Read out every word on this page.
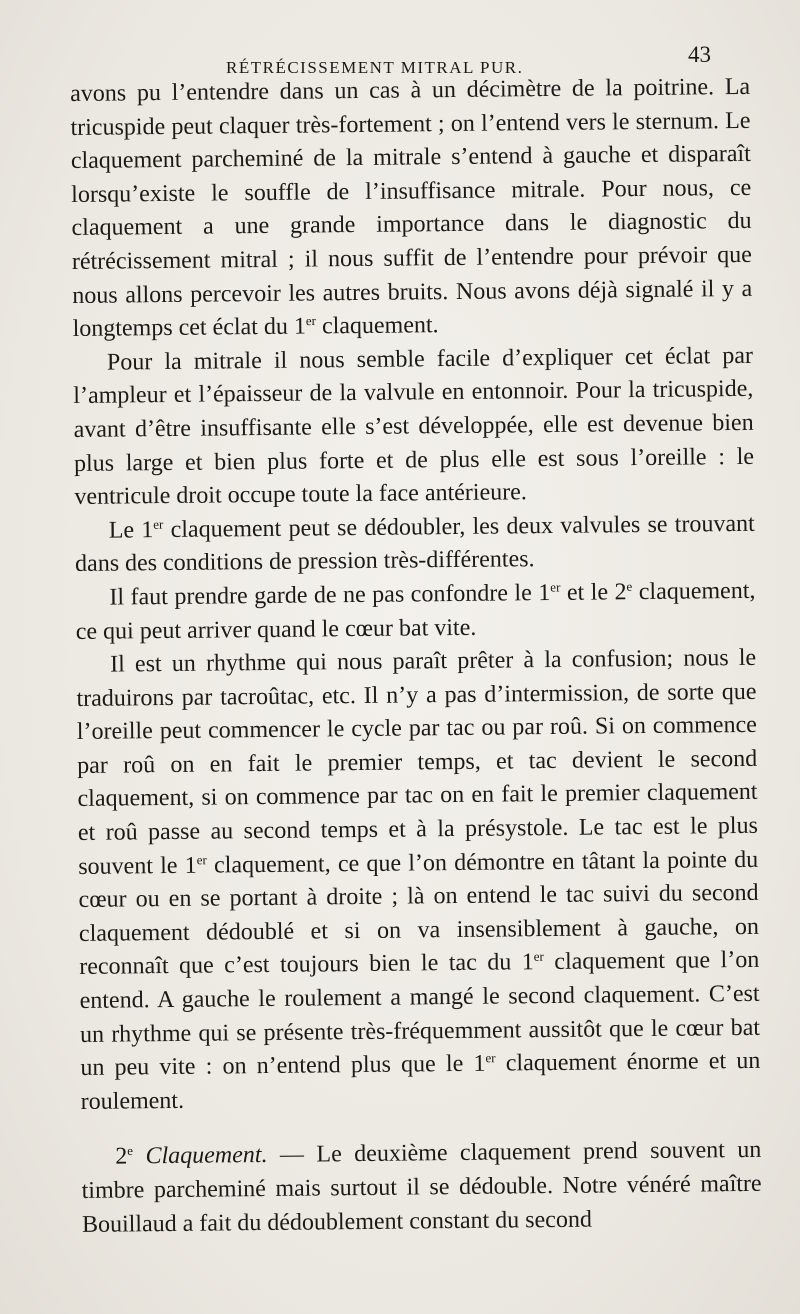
RÉTRÉCISSEMENT MITRAL PUR.
43

avons pu l’entendre dans un cas à un décimètre de la poitrine. La tricuspide peut claquer très-fortement ; on l’entend vers le sternum. Le claquement parcheminé de la mitrale s’entend à gauche et disparaît lorsqu’existe le souffle de l’insuffisance mitrale. Pour nous, ce claquement a une grande importance dans le diagnostic du rétrécissement mitral ; il nous suffit de l’entendre pour prévoir que nous allons percevoir les autres bruits. Nous avons déjà signalé il y a longtemps cet éclat du 1er claquement.

Pour la mitrale il nous semble facile d’expliquer cet éclat par l’ampleur et l’épaisseur de la valvule en entonnoir. Pour la tricuspide, avant d’être insuffisante elle s’est développée, elle est devenue bien plus large et bien plus forte et de plus elle est sous l’oreille : le ventricule droit occupe toute la face antérieure.

Le 1er claquement peut se dédoubler, les deux valvules se trouvant dans des conditions de pression très-différentes.

Il faut prendre garde de ne pas confondre le 1er et le 2e claquement, ce qui peut arriver quand le cœur bat vite.

Il est un rhythme qui nous paraît prêter à la confusion; nous le traduirons par tacroûtac, etc. Il n’y a pas d’intermission, de sorte que l’oreille peut commencer le cycle par tac ou par roû. Si on commence par roû on en fait le premier temps, et tac devient le second claquement, si on commence par tac on en fait le premier claquement et roû passe au second temps et à la présystole. Le tac est le plus souvent le 1er claquement, ce que l’on démontre en tâtant la pointe du cœur ou en se portant à droite ; là on entend le tac suivi du second claquement dédoublé et si on va insensiblement à gauche, on reconnaît que c’est toujours bien le tac du 1er claquement que l’on entend. A gauche le roulement a mangé le second claquement. C’est un rhythme qui se présente très-fréquemment aussitôt que le cœur bat un peu vite : on n’entend plus que le 1er claquement énorme et un roulement.

2e Claquement. — Le deuxième claquement prend souvent un timbre parcheminé mais surtout il se dédouble. Notre vénéré maître Bouillaud a fait du dédoublement constant du second
